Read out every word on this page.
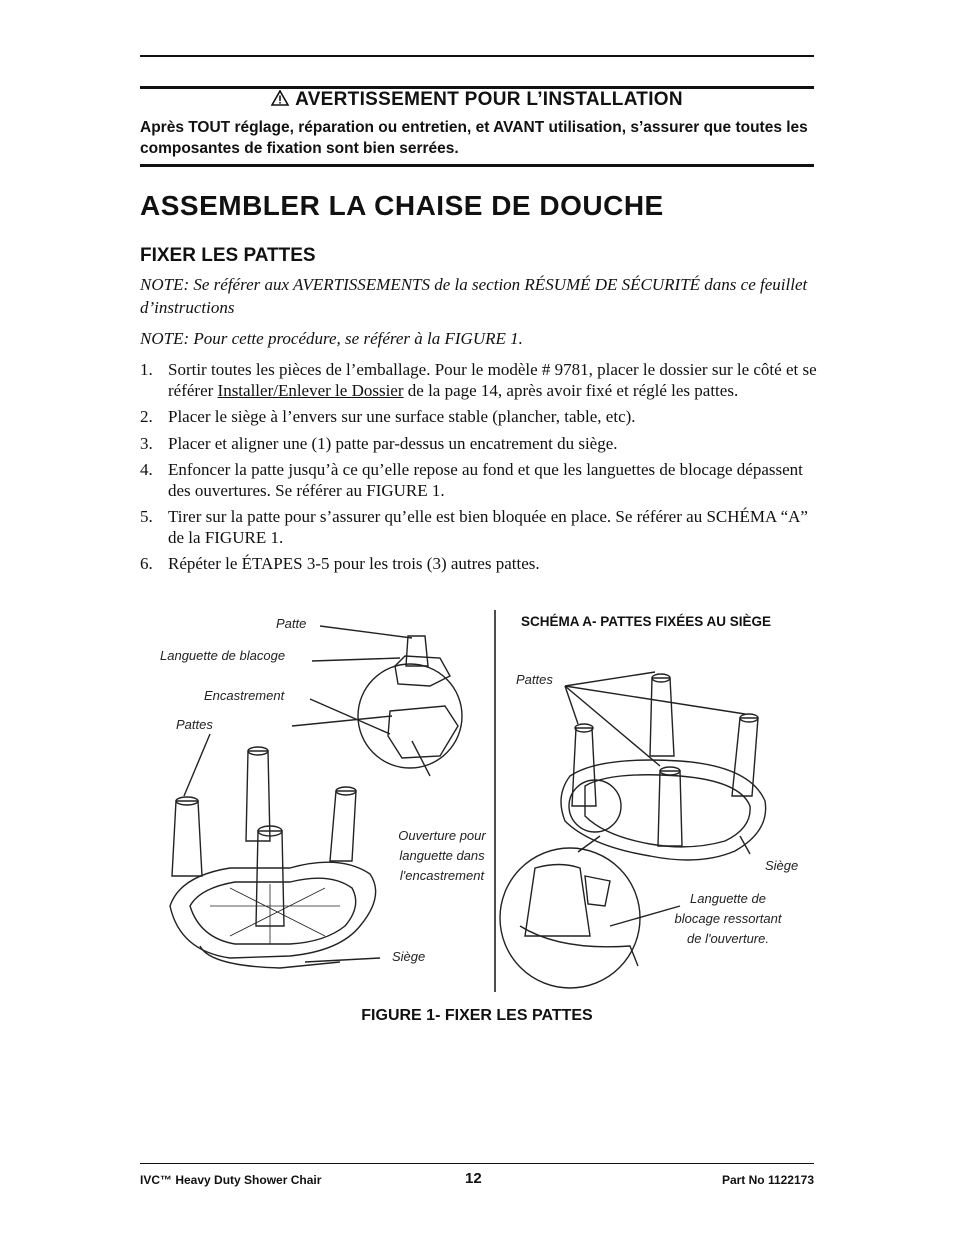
AVERTISSEMENT POUR L’INSTALLATION
Après TOUT réglage, réparation ou entretien, et AVANT utilisation, s’assurer que toutes les composantes de fixation sont bien serrées.
ASSEMBLER LA CHAISE DE DOUCHE
FIXER LES PATTES
NOTE: Se référer aux AVERTISSEMENTS de la section RÉSUMÉ DE SÉCURITÉ dans ce feuillet d’instructions
NOTE: Pour cette procédure, se référer à la FIGURE 1.
1. Sortir toutes les pièces de l’emballage. Pour le modèle # 9781, placer le dossier sur le côté et se référer Installer/Enlever le Dossier de la page 14, après avoir fixé et réglé les pattes.
2. Placer le siège à l’envers sur une surface stable (plancher, table, etc).
3. Placer et aligner une (1) patte par-dessus un encatrement du siège.
4. Enfoncer la patte jusqu’à ce qu’elle repose au fond et que les languettes de blocage dépassent des ouvertures. Se référer au FIGURE 1.
5. Tirer sur la patte pour s’assurer qu’elle est bien bloquée en place. Se référer au SCHÉMA “A” de la FIGURE 1.
6. Répéter le ÉTAPES 3-5 pour les trois (3) autres pattes.
Patte
Languette de blacoge
Encastrement
Pattes
Ouverture pour languette dans l'encastrement
Siège
SCHÉMA A- PATTES FIXÉES AU SIÈGE
Pattes
Siège
Languette de blocage ressortant de l'ouverture.
FIGURE 1- FIXER LES PATTES
IVC™ Heavy Duty Shower Chair	12	Part No 1122173
